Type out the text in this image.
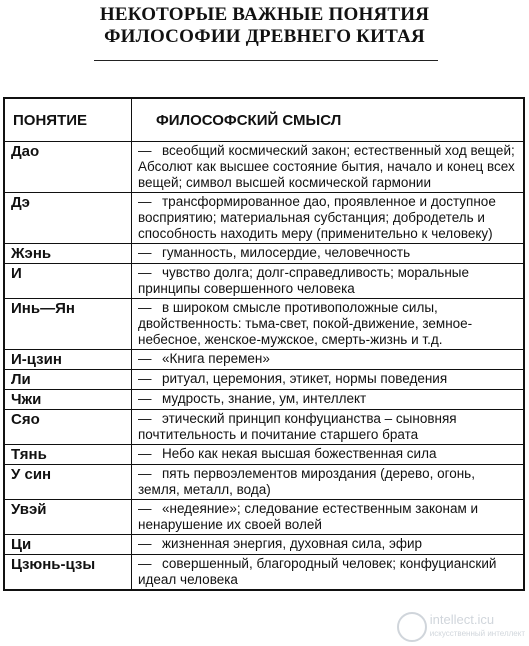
НЕКОТОРЫЕ ВАЖНЫЕ ПОНЯТИЯ
ФИЛОСОФИИ ДРЕВНЕГО КИТАЯ
ПОНЯТИЕ	ФИЛОСОФСКИЙ СМЫСЛ
Дао	— всеобщий космический закон; естественный ход вещей; Абсолют как высшее состояние бытия, начало и конец всех вещей; символ высшей космической гармонии
Дэ	— трансформированное дао, проявленное и доступное восприятию; материальная субстанция; добродетель и способность находить меру (применительно к человеку)
Жэнь	— гуманность, милосердие, человечность
И	— чувство долга; долг-справедливость; моральные принципы совершенного человека
Инь—Ян	— в широком смысле противоположные силы, двойственность: тьма-свет, покой-движение, земное-небесное, женское-мужское, смерть-жизнь и т.д.
И-цзин	— «Книга перемен»
Ли	— ритуал, церемония, этикет, нормы поведения
Чжи	— мудрость, знание, ум, интеллект
Сяо	— этический принцип конфуцианства – сыновняя почтительность и почитание старшего брата
Тянь	— Небо как некая высшая божественная сила
У син	— пять первоэлементов мироздания (дерево, огонь, земля, металл, вода)
Увэй	— «недеяние»; следование естественным законам и ненарушение их своей волей
Ци	— жизненная энергия, духовная сила, эфир
Цзюнь-цзы	— совершенный, благородный человек; конфуцианский идеал человека
intellect.icu
искусственный интеллект
